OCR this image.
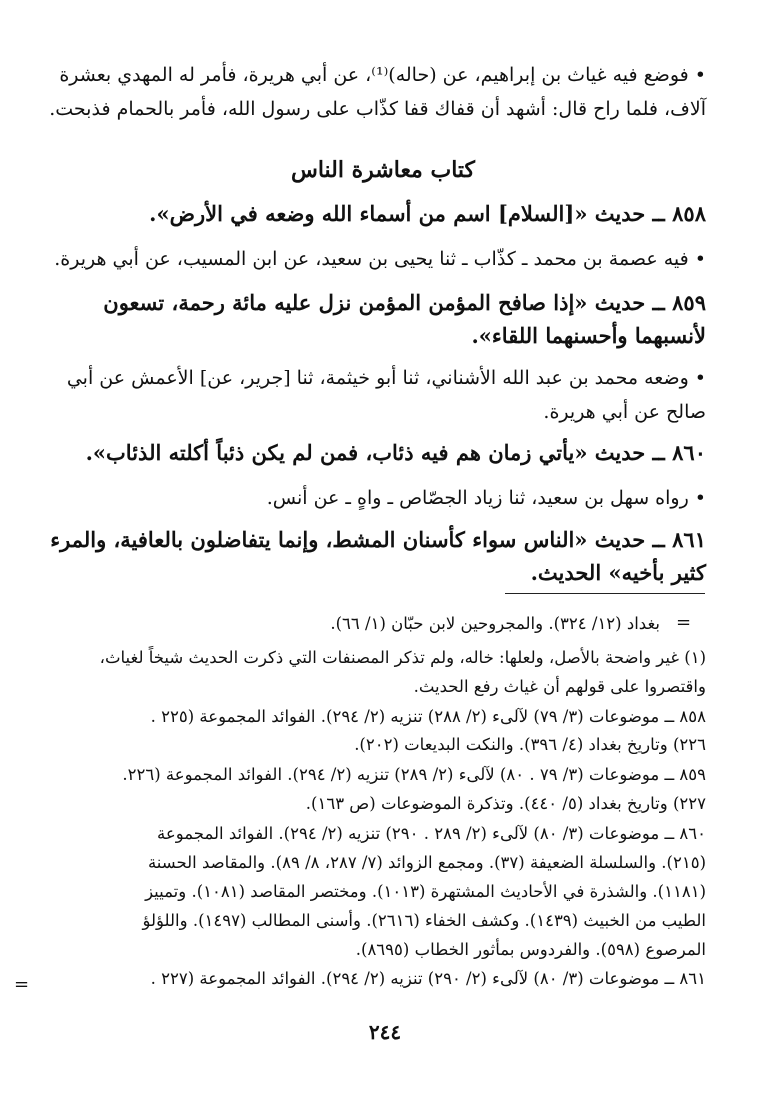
• فوضع فيه غياث بن إبراهيم، عن (حاله)⁽¹⁾، عن أبي هريرة، فأمر له المهدي بعشرة
آلاف، فلما راح قال: أشهد أن قفاك قفا كذّاب على رسول الله، فأمر بالحمام فذبحت.
كتاب معاشرة الناس
٨٥٨ ــ حديث «[السلام] اسم من أسماء الله وضعه في الأرض».
• فيه عصمة بن محمد ـ كذّاب ـ ثنا يحيى بن سعيد، عن ابن المسيب، عن أبي هريرة.
٨٥٩ ــ حديث «إذا صافح المؤمن المؤمن نزل عليه مائة رحمة، تسعون
لأنسبهما وأحسنهما اللقاء».
• وضعه محمد بن عبد الله الأشناني، ثنا أبو خيثمة، ثنا [جرير، عن] الأعمش عن أبي
صالح عن أبي هريرة.
٨٦٠ ــ حديث «يأتي زمان هم فيه ذئاب، فمن لم يكن ذئباً أكلته الذئاب».
• رواه سهل بن سعيد، ثنا زياد الجصّاص ـ واهٍ ـ عن أنس.
٨٦١ ــ حديث «الناس سواء كأسنان المشط، وإنما يتفاضلون بالعافية، والمرء
كثير بأخيه» الحديث.
=
بغداد (١٢/ ٣٢٤). والمجروحين لابن حبّان (١/ ٦٦).
(١) غير واضحة بالأصل، ولعلها: خاله، ولم تذكر المصنفات التي ذكرت الحديث شيخاً لغياث،
واقتصروا على قولهم أن غياث رفع الحديث.
٨٥٨ ــ موضوعات (٣/ ٧٩) لآلىء (٢/ ٢٨٨) تنزيه (٢/ ٢٩٤). الفوائد المجموعة (٢٢٥ .
٢٢٦) وتاريخ بغداد (٤/ ٣٩٦). والنكت البديعات (٢٠٢).
٨٥٩ ــ موضوعات (٣/ ٧٩ . ٨٠) لآلىء (٢/ ٢٨٩) تنزيه (٢/ ٢٩٤). الفوائد المجموعة (٢٢٦.
٢٢٧) وتاريخ بغداد (٥/ ٤٤٠). وتذكرة الموضوعات (ص ١٦٣).
٨٦٠ ــ موضوعات (٣/ ٨٠) لآلىء (٢/ ٢٨٩ . ٢٩٠) تنزيه (٢/ ٢٩٤). الفوائد المجموعة
(٢١٥). والسلسلة الضعيفة (٣٧). ومجمع الزوائد (٧/ ٢٨٧، ٨/ ٨٩). والمقاصد الحسنة
(١١٨١). والشذرة في الأحاديث المشتهرة (١٠١٣). ومختصر المقاصد (١٠٨١). وتمييز
الطيب من الخبيث (١٤٣٩). وكشف الخفاء (٢٦١٦). وأسنى المطالب (١٤٩٧). واللؤلؤ
المرصوع (٥٩٨). والفردوس بمأثور الخطاب (٨٦٩٥).
٨٦١ ــ موضوعات (٣/ ٨٠) لآلىء (٢/ ٢٩٠) تنزيه (٢/ ٢٩٤). الفوائد المجموعة (٢٢٧ .
=
٢٤٤
